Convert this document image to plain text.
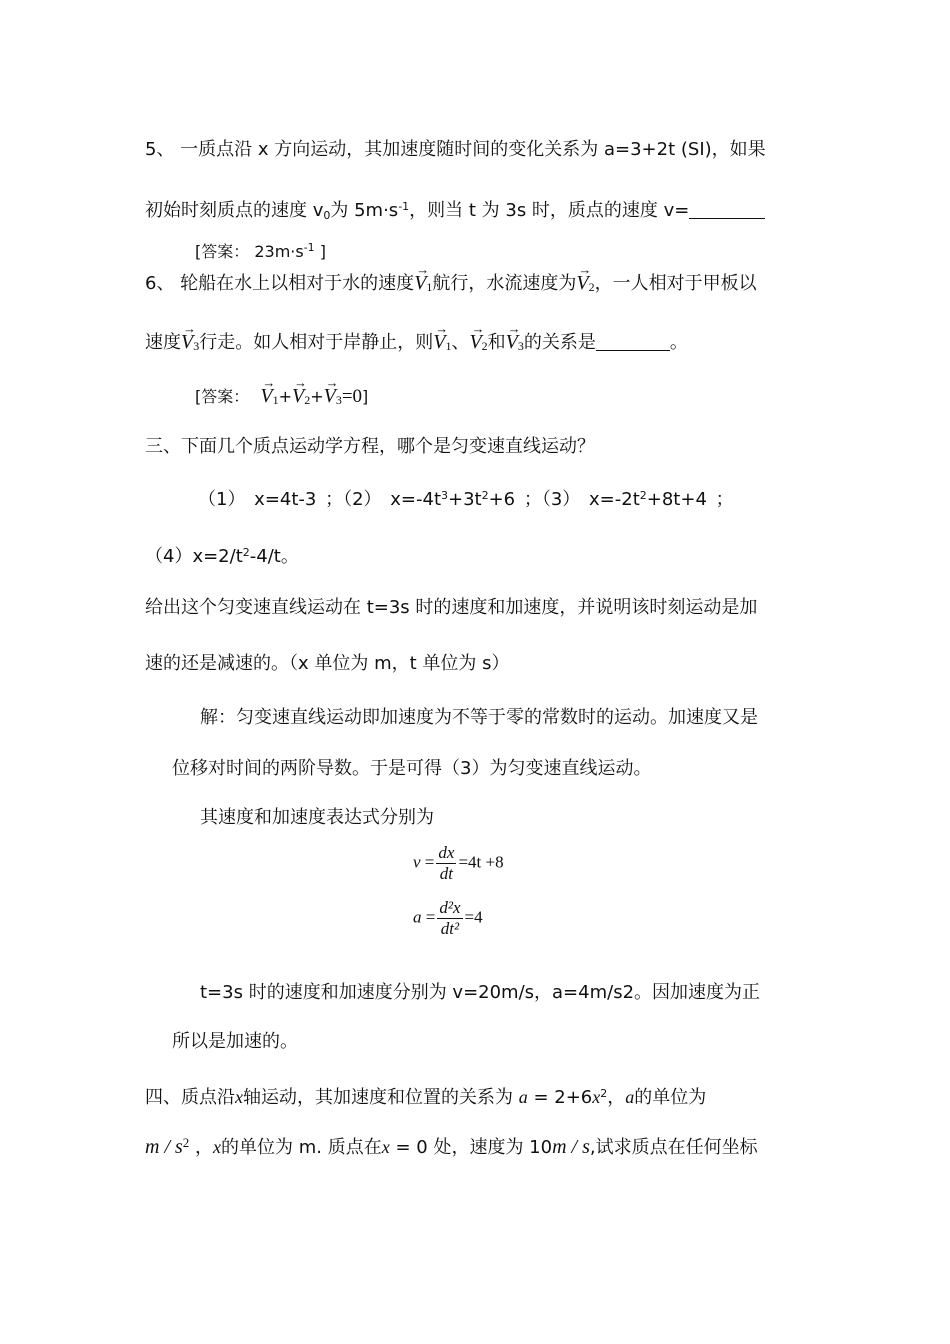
5、 一质点沿 x 方向运动，其加速度随时间的变化关系为 a=3+2t (SI)，如果
初始时刻质点的速度 $v_0$为 $5m\cdot s^{-1}$，则当 t 为 3s 时，质点的速度 v=
[答案： $23m\cdot s^{-1}$ ]
6、 轮船在水上以相对于水的速度→ V1航行，水流速度为→ V2，一人相对于甲板以
速度→ V3行走。如人相对于岸静止，则→ V1、→ V2和→ V3的关系是	。
[答案： → V1+→ V2+→ V3=0]
三、下面几个质点运动学方程，哪个是匀变速直线运动？
（1） x=4t-3 ；（2） $x=-4t^3+3t^2+6$ ；（3） $x=-2t^2+8t+4$ ；
$(4)x=2/t^2-4/t$。
给出这个匀变速直线运动在 t=3s 时的速度和加速度，并说明该时刻运动是加
速的还是减速的。（x 单位为 m，t 单位为 s）
解：匀变速直线运动即加速度为不等于零的常数时的运动。加速度又是
位移对时间的两阶导数。于是可得（3）为匀变速直线运动。
其速度和加速度表达式分别为
$v = \frac{dx}{dt} =4t +8$
$a = \frac{\text{d²x}}{\text{dt²}} =4$
t=3s 时的速度和加速度分别为 v=20m/s，a=4m/s2。因加速度为正
所以是加速的。
四、质点沿x轴运动，其加速度和位置的关系为 $a = 2+6x^2$，a的单位为
m / $s^2$ ，x的单位为 m. 质点在x = 0 处，速度为 10m / s,试求质点在任何坐标
